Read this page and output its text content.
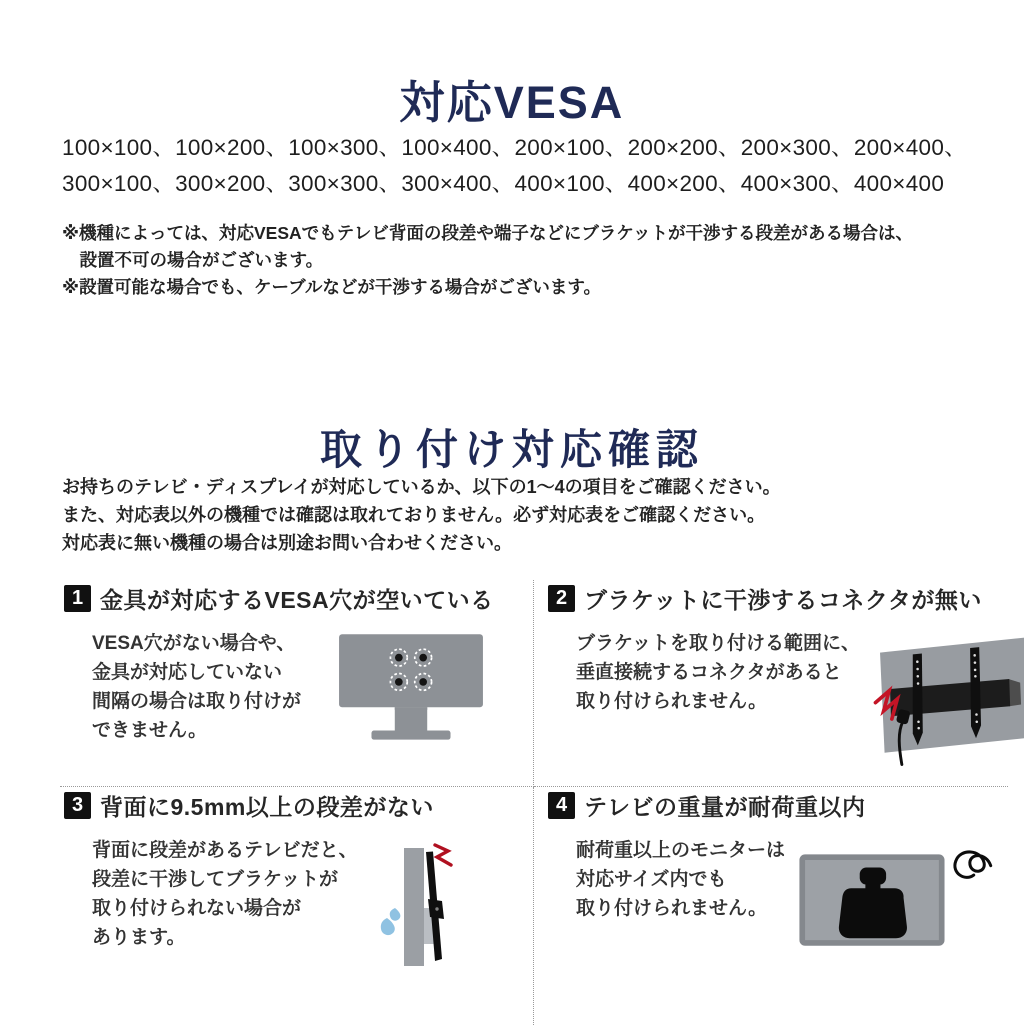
対応VESA
100×100、100×200、100×300、100×400、200×100、200×200、200×300、200×400、
300×100、300×200、300×300、300×400、400×100、400×200、400×300、400×400
※機種によっては、対応VESAでもテレビ背面の段差や端子などにブラケットが干渉する段差がある場合は、
設置不可の場合がございます。
※設置可能な場合でも、ケーブルなどが干渉する場合がございます。
取り付け対応確認
お持ちのテレビ・ディスプレイが対応しているか、以下の1～4の項目をご確認ください。
また、対応表以外の機種では確認は取れておりません。必ず対応表をご確認ください。
対応表に無い機種の場合は別途お問い合わせください。
1 金具が対応するVESA穴が空いている
VESA穴がない場合や、
金具が対応していない
間隔の場合は取り付けが
できません。
2 ブラケットに干渉するコネクタが無い
ブラケットを取り付ける範囲に、
垂直接続するコネクタがあると
取り付けられません。
3 背面に9.5mm以上の段差がない
背面に段差があるテレビだと、
段差に干渉してブラケットが
取り付けられない場合が
あります。
4 テレビの重量が耐荷重以内
耐荷重以上のモニターは
対応サイズ内でも
取り付けられません。
